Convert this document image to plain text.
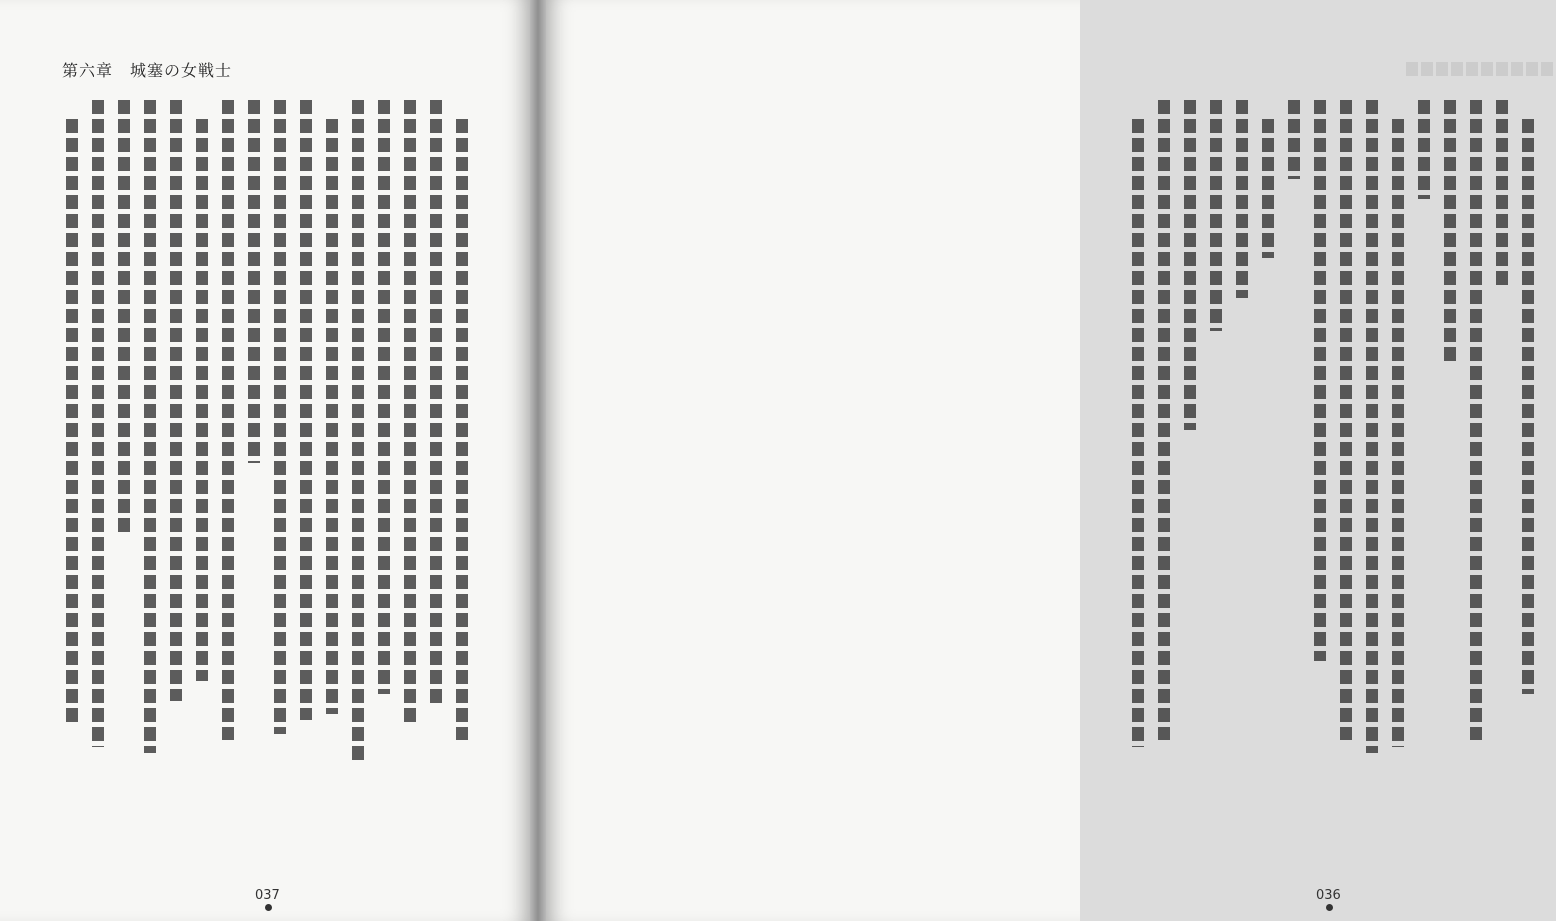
第六章　城塞の女戦士
037	036
